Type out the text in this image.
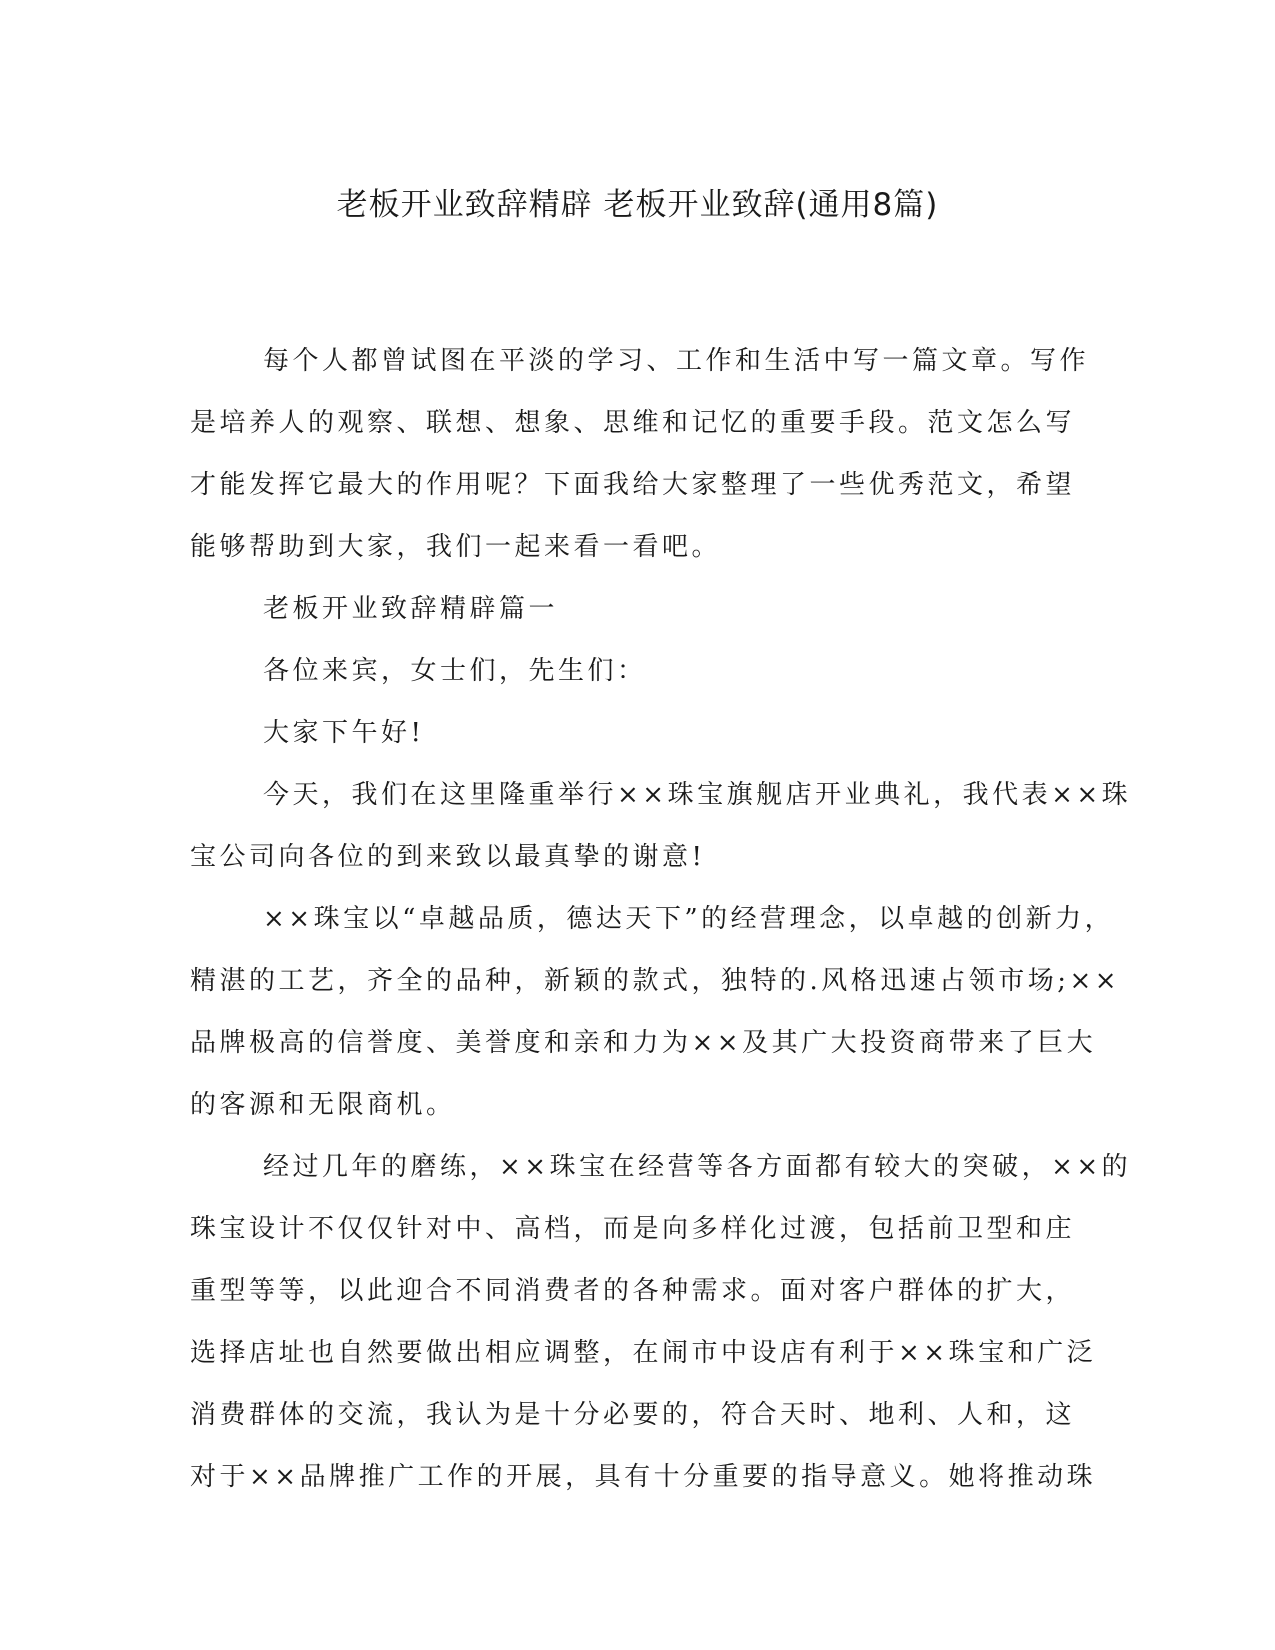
老板开业致辞精辟 老板开业致辞(通用8篇)

每个人都曾试图在平淡的学习、工作和生活中写一篇文章。写作

是培养人的观察、联想、想象、思维和记忆的重要手段。范文怎么写

才能发挥它最大的作用呢？下面我给大家整理了一些优秀范文，希望

能够帮助到大家，我们一起来看一看吧。

老板开业致辞精辟篇一

各位来宾，女士们，先生们：

大家下午好!

今天，我们在这里隆重举行××珠宝旗舰店开业典礼，我代表××珠

宝公司向各位的到来致以最真挚的谢意!

××珠宝以“卓越品质，德达天下”的经营理念，以卓越的创新力，

精湛的工艺，齐全的品种，新颖的款式，独特的.风格迅速占领市场;××

品牌极高的信誉度、美誉度和亲和力为××及其广大投资商带来了巨大

的客源和无限商机。

经过几年的磨练，××珠宝在经营等各方面都有较大的突破，××的

珠宝设计不仅仅针对中、高档，而是向多样化过渡，包括前卫型和庄

重型等等，以此迎合不同消费者的各种需求。面对客户群体的扩大，

选择店址也自然要做出相应调整，在闹市中设店有利于××珠宝和广泛

消费群体的交流，我认为是十分必要的，符合天时、地利、人和，这

对于××品牌推广工作的开展，具有十分重要的指导意义。她将推动珠
